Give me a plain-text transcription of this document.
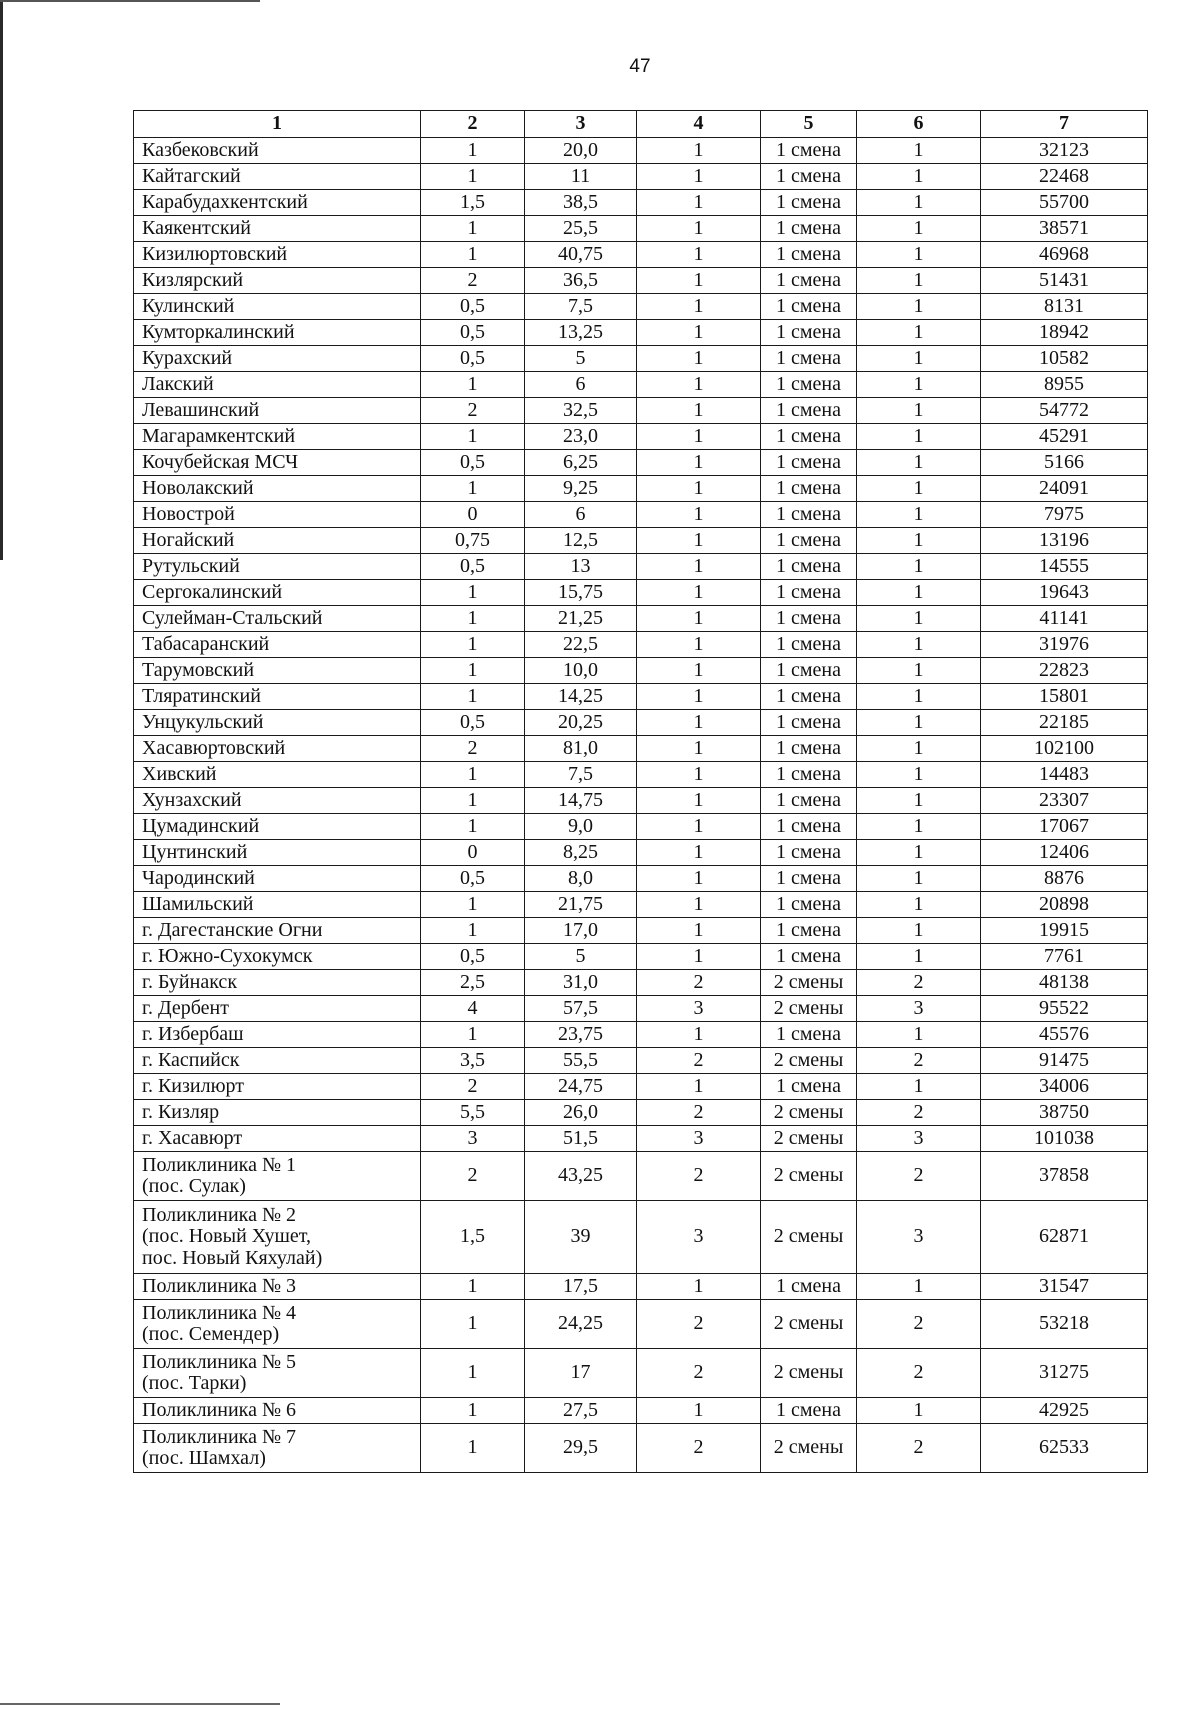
47
1	2	3	4	5	6	7
Казбековский	1	20,0	1	1 смена	1	32123
Кайтагский	1	11	1	1 смена	1	22468
Карабудахкентский	1,5	38,5	1	1 смена	1	55700
Каякентский	1	25,5	1	1 смена	1	38571
Кизилюртовский	1	40,75	1	1 смена	1	46968
Кизлярский	2	36,5	1	1 смена	1	51431
Кулинский	0,5	7,5	1	1 смена	1	8131
Кумторкалинский	0,5	13,25	1	1 смена	1	18942
Курахский	0,5	5	1	1 смена	1	10582
Лакский	1	6	1	1 смена	1	8955
Левашинский	2	32,5	1	1 смена	1	54772
Магарамкентский	1	23,0	1	1 смена	1	45291
Кочубейская МСЧ	0,5	6,25	1	1 смена	1	5166
Новолакский	1	9,25	1	1 смена	1	24091
Новострой	0	6	1	1 смена	1	7975
Ногайский	0,75	12,5	1	1 смена	1	13196
Рутульский	0,5	13	1	1 смена	1	14555
Сергокалинский	1	15,75	1	1 смена	1	19643
Сулейман-Стальский	1	21,25	1	1 смена	1	41141
Табасаранский	1	22,5	1	1 смена	1	31976
Тарумовский	1	10,0	1	1 смена	1	22823
Тляратинский	1	14,25	1	1 смена	1	15801
Унцукульский	0,5	20,25	1	1 смена	1	22185
Хасавюртовский	2	81,0	1	1 смена	1	102100
Хивский	1	7,5	1	1 смена	1	14483
Хунзахский	1	14,75	1	1 смена	1	23307
Цумадинский	1	9,0	1	1 смена	1	17067
Цунтинский	0	8,25	1	1 смена	1	12406
Чародинский	0,5	8,0	1	1 смена	1	8876
Шамильский	1	21,75	1	1 смена	1	20898
г. Дагестанские Огни	1	17,0	1	1 смена	1	19915
г. Южно-Сухокумск	0,5	5	1	1 смена	1	7761
г. Буйнакск	2,5	31,0	2	2 смены	2	48138
г. Дербент	4	57,5	3	2 смены	3	95522
г. Избербаш	1	23,75	1	1 смена	1	45576
г. Каспийск	3,5	55,5	2	2 смены	2	91475
г. Кизилюрт	2	24,75	1	1 смена	1	34006
г. Кизляр	5,5	26,0	2	2 смены	2	38750
г. Хасавюрт	3	51,5	3	2 смены	3	101038
Поликлиника № 1
(пос. Сулак)	2	43,25	2	2 смены	2	37858
Поликлиника № 2
(пос. Новый Хушет,
пос. Новый Кяхулай)	1,5	39	3	2 смены	3	62871
Поликлиника № 3	1	17,5	1	1 смена	1	31547
Поликлиника № 4
(пос. Семендер)	1	24,25	2	2 смены	2	53218
Поликлиника № 5
(пос. Тарки)	1	17	2	2 смены	2	31275
Поликлиника № 6	1	27,5	1	1 смена	1	42925
Поликлиника № 7
(пос. Шамхал)	1	29,5	2	2 смены	2	62533
